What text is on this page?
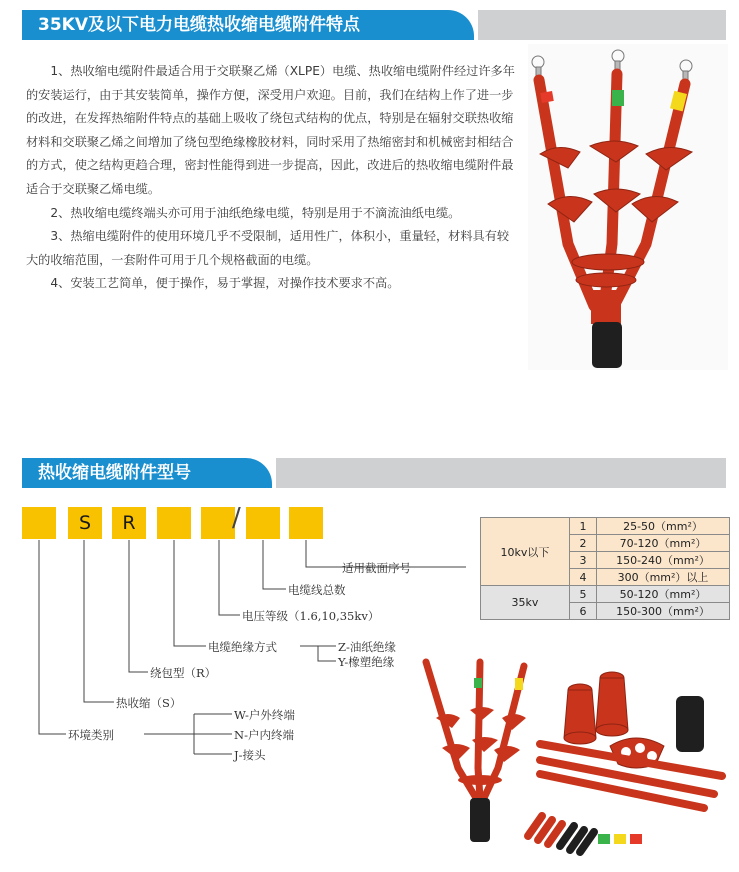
35KV及以下电力电缆热收缩电缆附件特点

1、热收缩电缆附件最适合用于交联聚乙烯（XLPE）电缆、热收缩电缆附件经过许多年的安装运行，由于其安装简单，操作方便，深受用户欢迎。目前，我们在结构上作了进一步的改进，在发挥热缩附件特点的基础上吸收了绕包式结构的优点，特别是在辐射交联热收缩材料和交联聚乙烯之间增加了绕包型绝缘橡胶材料，同时采用了热缩密封和机械密封相结合的方式，使之结构更趋合理，密封性能得到进一步提高，因此，改进后的热收缩电缆附件最适合于交联聚乙烯电缆。

2、热收缩电缆终端头亦可用于油纸绝缘电缆，特别是用于不滴流油纸电缆。

3、热缩电缆附件的使用环境几乎不受限制，适用性广，体积小，重量轻，材料具有较大的收缩范围，一套附件可用于几个规格截面的电缆。

4、安装工艺简单，便于操作，易于掌握，对操作技术要求不高。

热收缩电缆附件型号
S	R	/
适用截面序号
电缆线总数
电压等级（1.6,10,35kv）
电缆绝缘方式	Z-油纸绝缘
Y-橡塑绝缘
绕包型（R）
热收缩（S）
环境类别
W-户外终端
N-户内终端
J-接头
10kv以下	1	25-50（mm²）
	2	70-120（mm²）
	3	150-240（mm²）
	4	300（mm²）以上
35kv	5	50-120（mm²）
	6	150-300（mm²）
